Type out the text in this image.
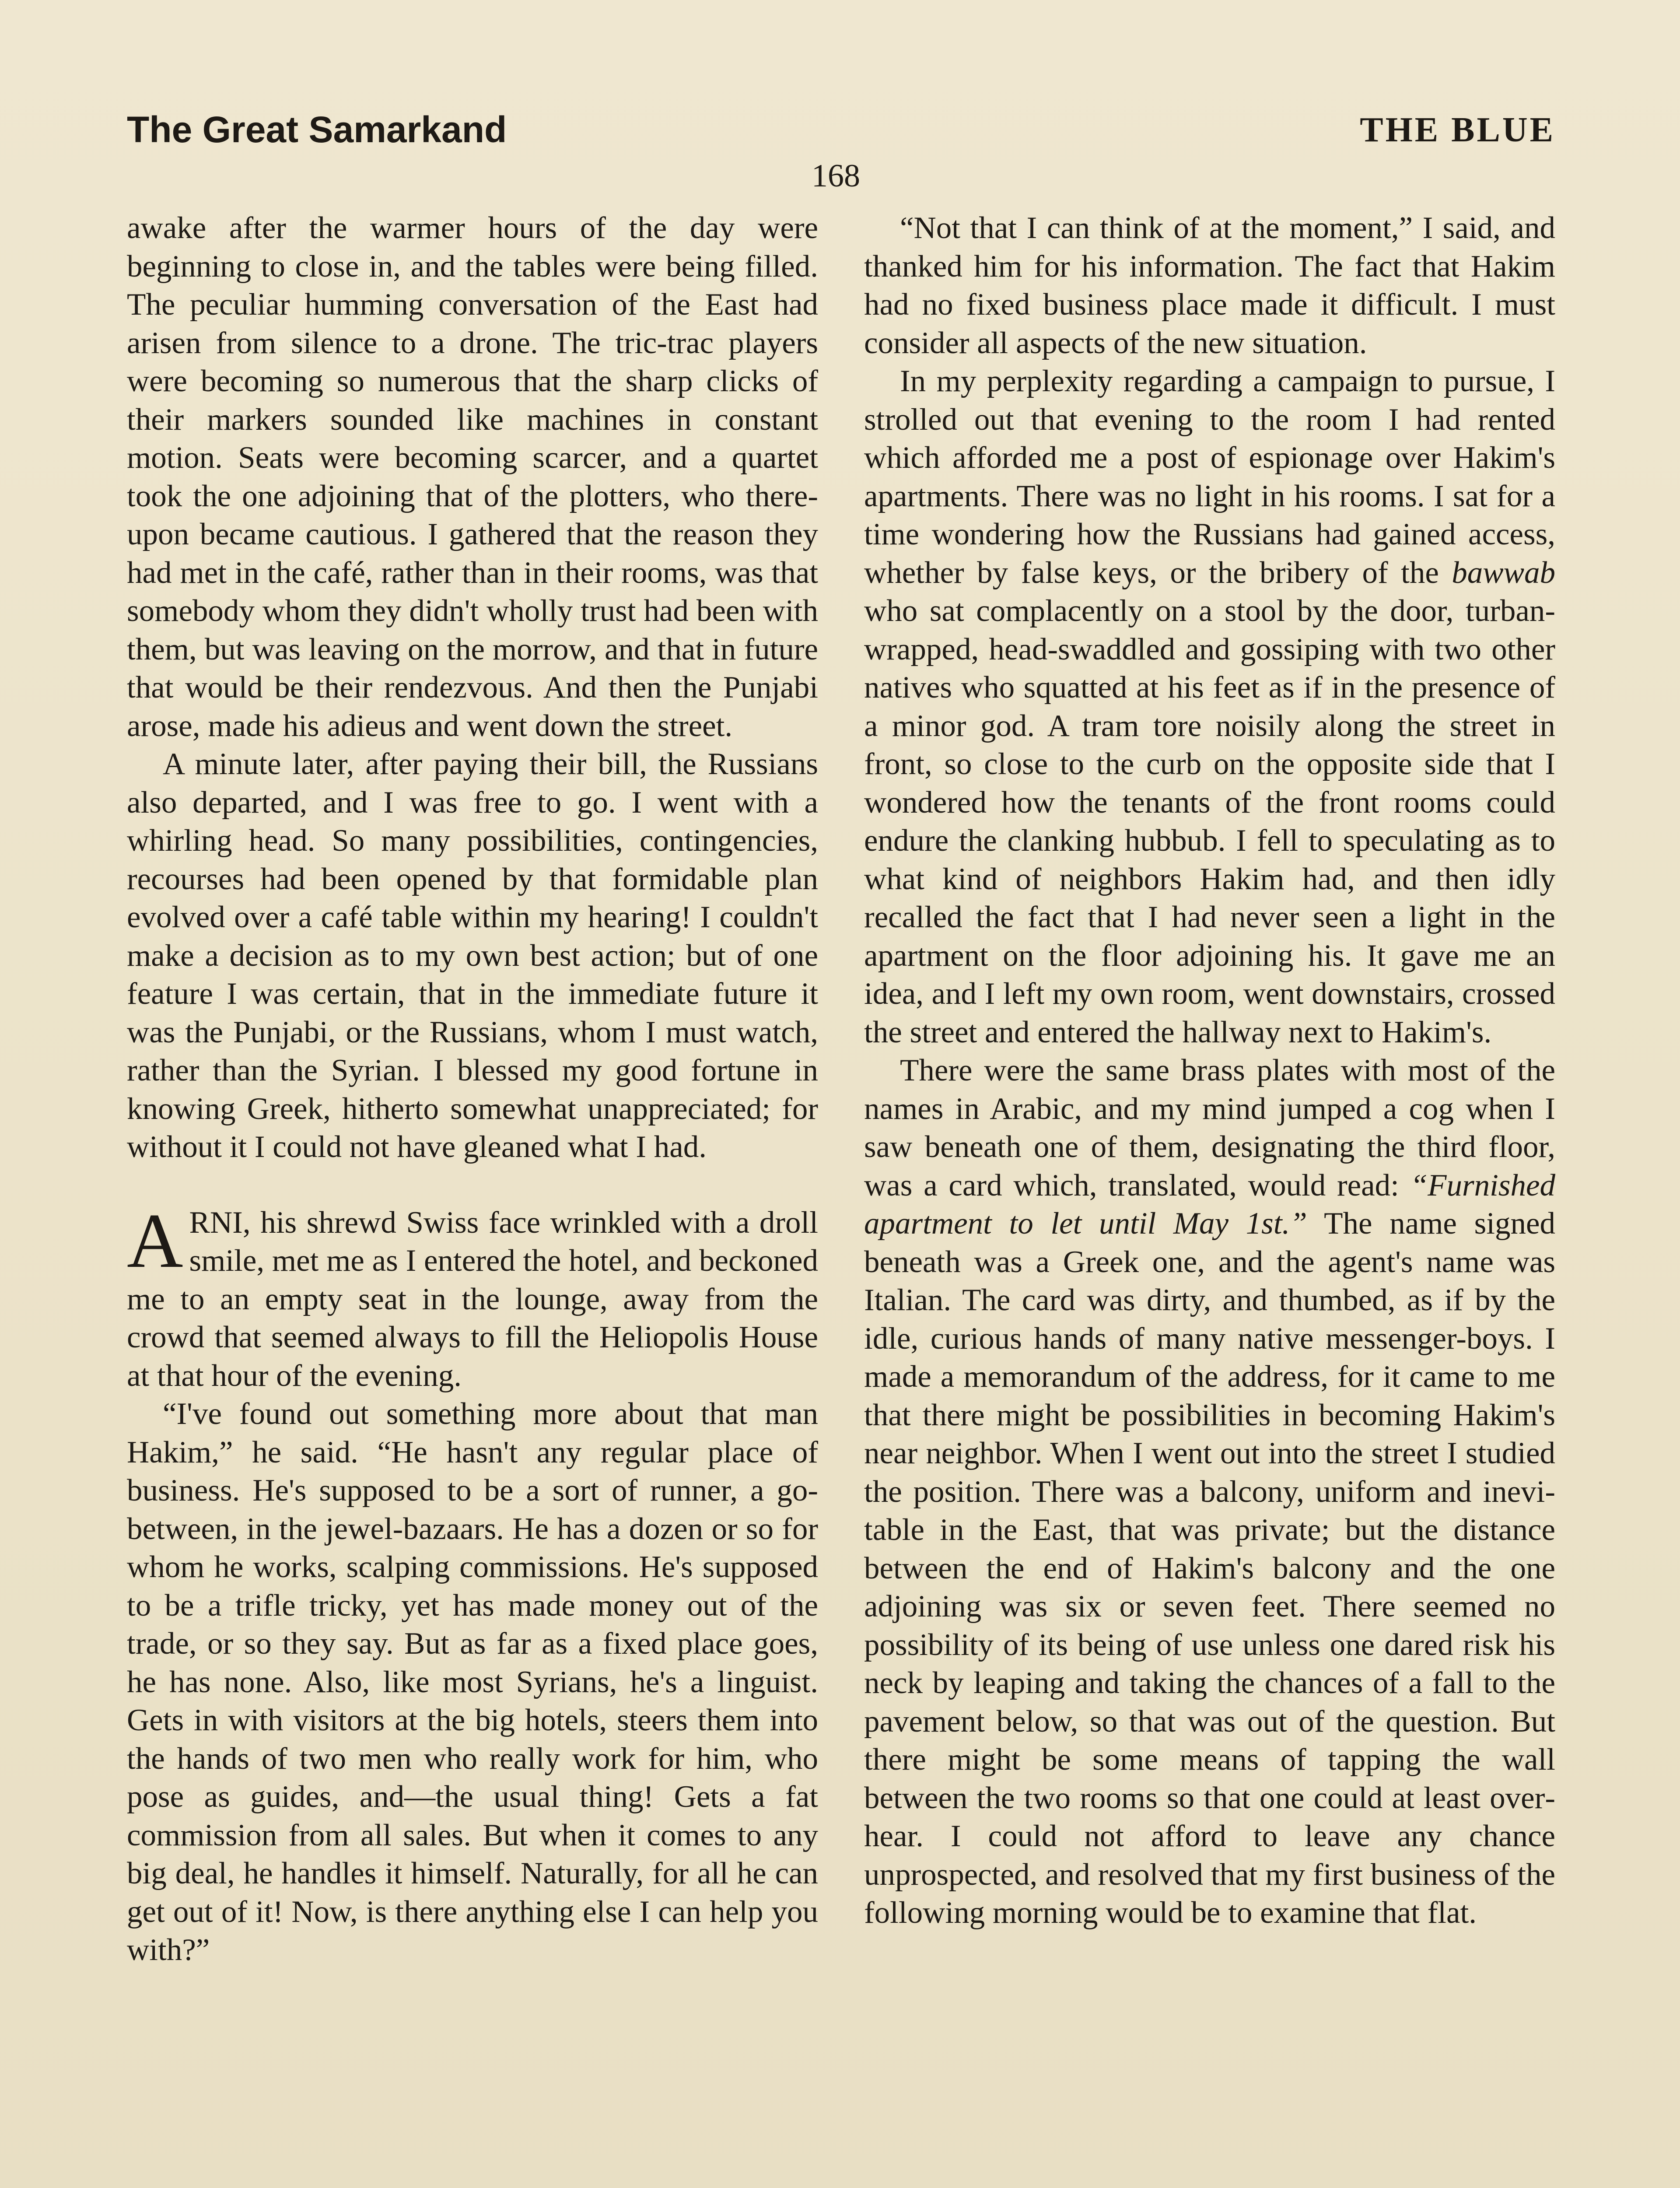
The Great Samarkand	THE BLUE
168

awake after the warmer hours of the day were beginning to close in, and the tables were being filled. The peculiar humming conversation of the East had arisen from silence to a drone. The tric-trac players were becoming so numerous that the sharp clicks of their markers sounded like machines in constant motion. Seats were becoming scarcer, and a quartet took the one adjoining that of the plotters, who thereupon became cautious. I gathered that the reason they had met in the café, rather than in their rooms, was that somebody whom they didn't wholly trust had been with them, but was leaving on the morrow, and that in future that would be their rendezvous. And then the Punjabi arose, made his adieus and went down the street.

A minute later, after paying their bill, the Russians also departed, and I was free to go. I went with a whirling head. So many possibilities, contingencies, recourses had been opened by that formidable plan evolved over a café table within my hearing! I couldn't make a decision as to my own best action; but of one feature I was certain, that in the immediate future it was the Punjabi, or the Russians, whom I must watch, rather than the Syrian. I blessed my good fortune in knowing Greek, hitherto somewhat unappreciated; for without it I could not have gleaned what I had.

ARNI, his shrewd Swiss face wrinkled with a droll smile, met me as I entered the hotel, and beckoned me to an empty seat in the lounge, away from the crowd that seemed always to fill the Heliopolis House at that hour of the evening.

“I've found out something more about that man Hakim,” he said. “He hasn't any regular place of business. He's supposed to be a sort of runner, a go-between, in the jewel-bazaars. He has a dozen or so for whom he works, scalping commissions. He's supposed to be a trifle tricky, yet has made money out of the trade, or so they say. But as far as a fixed place goes, he has none. Also, like most Syrians, he's a linguist. Gets in with visitors at the big hotels, steers them into the hands of two men who really work for him, who pose as guides, and—the usual thing! Gets a fat commission from all sales. But when it comes to any big deal, he handles it himself. Naturally, for all he can get out of it! Now, is there anything else I can help you with?”

“Not that I can think of at the moment,” I said, and thanked him for his information. The fact that Hakim had no fixed business place made it difficult. I must consider all aspects of the new situation.

In my perplexity regarding a campaign to pursue, I strolled out that evening to the room I had rented which afforded me a post of espionage over Hakim's apartments. There was no light in his rooms. I sat for a time wondering how the Russians had gained access, whether by false keys, or the bribery of the bawwab who sat complacently on a stool by the door, turban-wrapped, head-swaddled and gossiping with two other natives who squatted at his feet as if in the presence of a minor god. A tram tore noisily along the street in front, so close to the curb on the opposite side that I wondered how the tenants of the front rooms could endure the clanking hubbub. I fell to speculating as to what kind of neighbors Hakim had, and then idly recalled the fact that I had never seen a light in the apartment on the floor adjoining his. It gave me an idea, and I left my own room, went downstairs, crossed the street and entered the hallway next to Hakim's.

There were the same brass plates with most of the names in Arabic, and my mind jumped a cog when I saw beneath one of them, designating the third floor, was a card which, translated, would read: “Furnished apartment to let until May 1st.” The name signed beneath was a Greek one, and the agent's name was Italian. The card was dirty, and thumbed, as if by the idle, curious hands of many native messenger-boys. I made a memorandum of the address, for it came to me that there might be possibilities in becoming Hakim's near neighbor. When I went out into the street I studied the position. There was a balcony, uniform and inevitable in the East, that was private; but the distance between the end of Hakim's balcony and the one adjoining was six or seven feet. There seemed no possibility of its being of use unless one dared risk his neck by leaping and taking the chances of a fall to the pavement below, so that was out of the question. But there might be some means of tapping the wall between the two rooms so that one could at least overhear. I could not afford to leave any chance unprospected, and resolved that my first business of the following morning would be to examine that flat.
